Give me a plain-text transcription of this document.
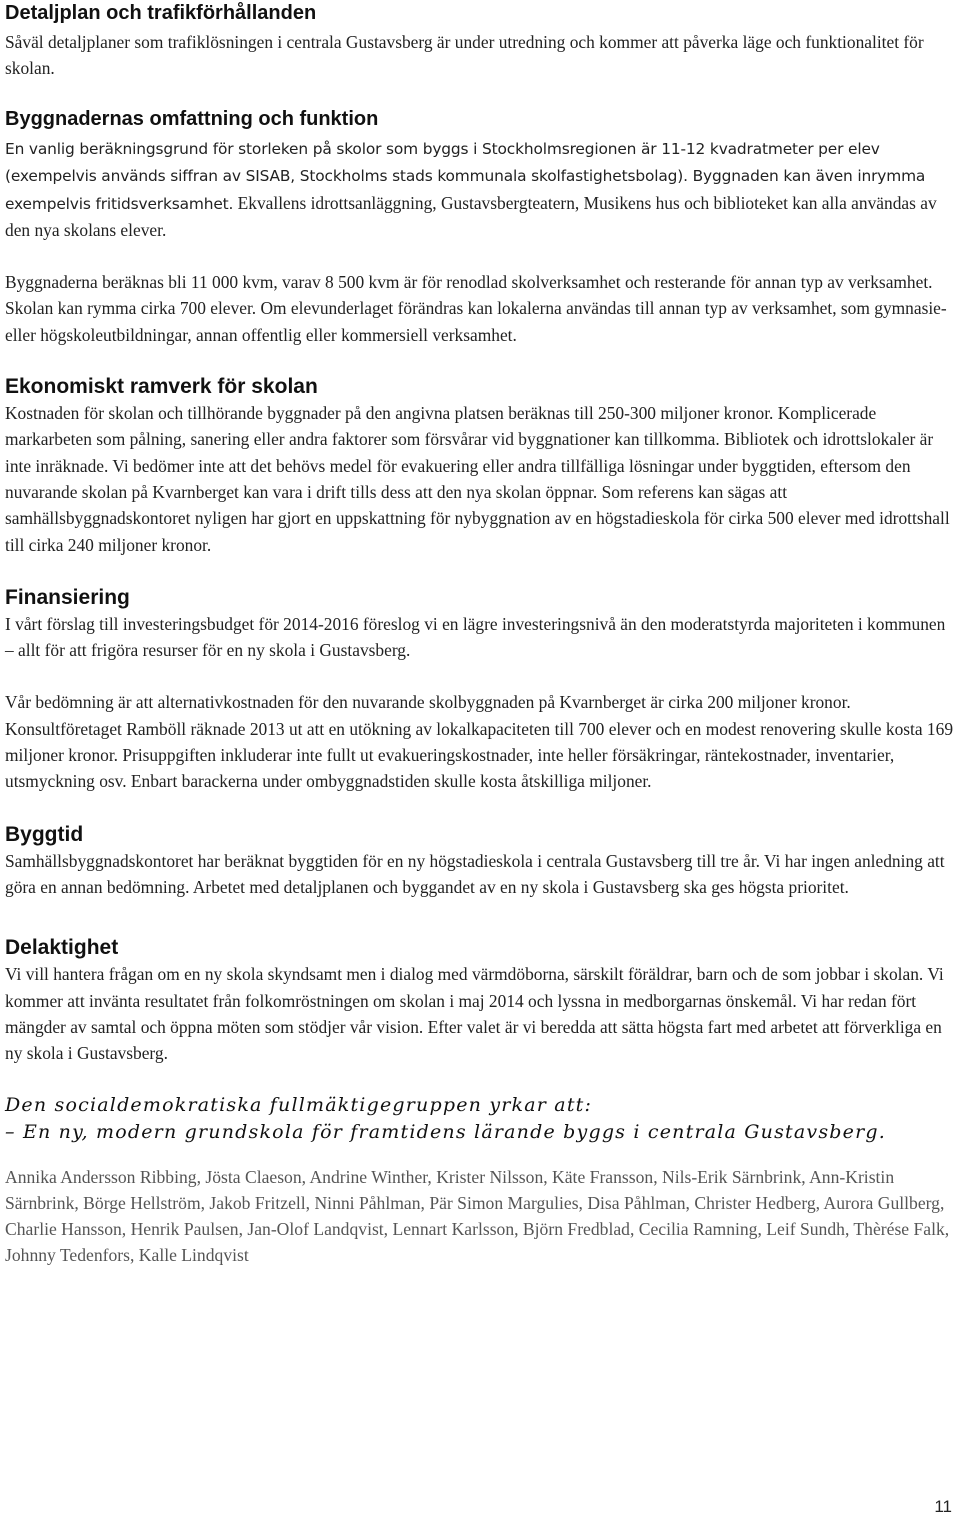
Detaljplan och trafikförhållanden

Såväl detaljplaner som trafiklösningen i centrala Gustavsberg är under utredning och kommer att påverka läge och funktionalitet för skolan.

Byggnadernas omfattning och funktion

En vanlig beräkningsgrund för storleken på skolor som byggs i Stockholmsregionen är 11-12 kvadratmeter per elev (exempelvis används siffran av SISAB, Stockholms stads kommunala skolfastighetsbolag). Byggnaden kan även inrymma exempelvis fritidsverksamhet. Ekvallens idrottsanläggning, Gustavsbergteatern, Musikens hus och biblioteket kan alla användas av den nya skolans elever.

Byggnaderna beräknas bli 11 000 kvm, varav 8 500 kvm är för renodlad skolverksamhet och resterande för annan typ av verksamhet. Skolan kan rymma cirka 700 elever. Om elevunderlaget förändras kan lokalerna användas till annan typ av verksamhet, som gymnasie- eller högskoleutbildningar, annan offentlig eller kommersiell verksamhet.

Ekonomiskt ramverk för skolan

Kostnaden för skolan och tillhörande byggnader på den angivna platsen beräknas till 250-300 miljoner kronor. Komplicerade markarbeten som pålning, sanering eller andra faktorer som försvårar vid byggnationer kan tillkomma. Bibliotek och idrottslokaler är inte inräknade. Vi bedömer inte att det behövs medel för evakuering eller andra tillfälliga lösningar under byggtiden, eftersom den nuvarande skolan på Kvarnberget kan vara i drift tills dess att den nya skolan öppnar. Som referens kan sägas att samhällsbyggnadskontoret nyligen har gjort en uppskattning för nybyggnation av en högstadieskola för cirka 500 elever med idrottshall till cirka 240 miljoner kronor.

Finansiering

I vårt förslag till investeringsbudget för 2014-2016 föreslog vi en lägre investeringsnivå än den moderatstyrda majoriteten i kommunen – allt för att frigöra resurser för en ny skola i Gustavsberg.

Vår bedömning är att alternativkostnaden för den nuvarande skolbyggnaden på Kvarnberget är cirka 200 miljoner kronor. Konsultföretaget Ramböll räknade 2013 ut att en utökning av lokalkapaciteten till 700 elever och en modest renovering skulle kosta 169 miljoner kronor. Prisuppgiften inkluderar inte fullt ut evakueringskostnader, inte heller försäkringar, räntekostnader, inventarier, utsmyckning osv. Enbart barackerna under ombyggnadstiden skulle kosta åtskilliga miljoner.

Byggtid

Samhällsbyggnadskontoret har beräknat byggtiden för en ny högstadieskola i centrala Gustavsberg till tre år. Vi har ingen anledning att göra en annan bedömning. Arbetet med detaljplanen och byggandet av en ny skola i Gustavsberg ska ges högsta prioritet.

Delaktighet

Vi vill hantera frågan om en ny skola skyndsamt men i dialog med värmdöborna, särskilt föräldrar, barn och de som jobbar i skolan. Vi kommer att invänta resultatet från folkomröstningen om skolan i maj 2014 och lyssna in medborgarnas önskemål. Vi har redan fört mängder av samtal och öppna möten som stödjer vår vision. Efter valet är vi beredda att sätta högsta fart med arbetet att förverkliga en ny skola i Gustavsberg.

Den socialdemokratiska fullmäktigegruppen yrkar att:

– En ny, modern grundskola för framtidens lärande byggs i centrala Gustavsberg.

Annika Andersson Ribbing, Jösta Claeson, Andrine Winther, Krister Nilsson, Käte Fransson, Nils-Erik Särnbrink, Ann-Kristin Särnbrink, Börge Hellström, Jakob Fritzell, Ninni Påhlman, Pär Simon Margulies, Disa Påhlman, Christer Hedberg, Aurora Gullberg, Charlie Hansson, Henrik Paulsen, Jan-Olof Landqvist, Lennart Karlsson, Björn Fredblad, Cecilia Ramning, Leif Sundh, Thèrése Falk, Johnny Tedenfors, Kalle Lindqvist

11
